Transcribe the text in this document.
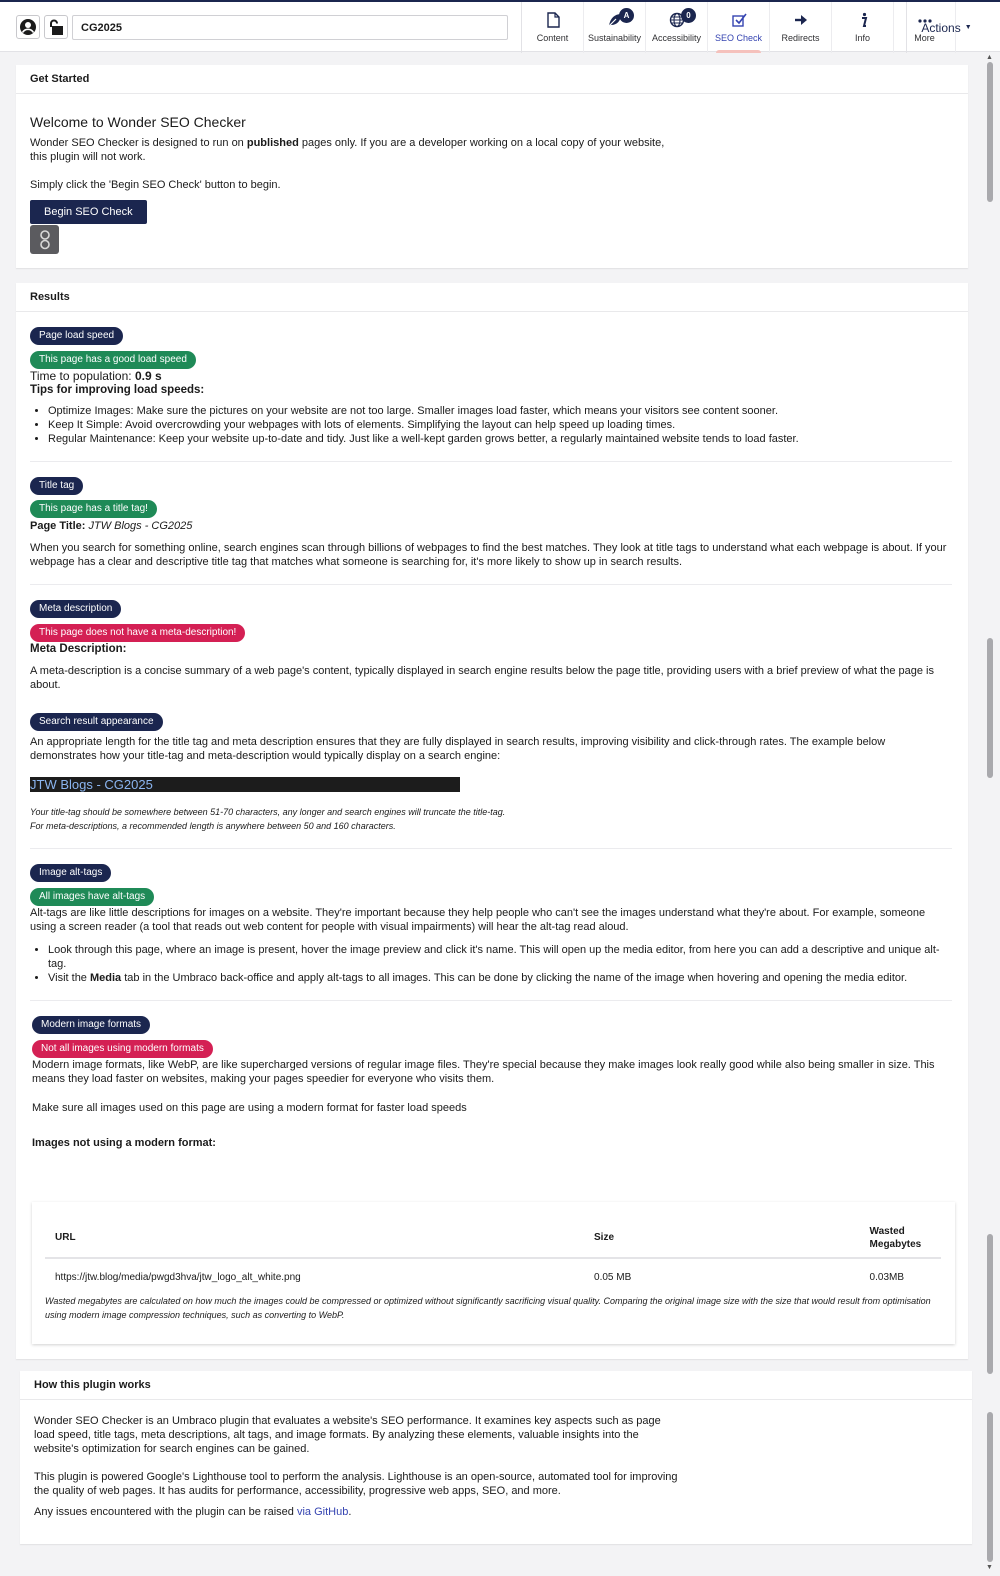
CG2025
Content
A
Sustainability
0
Accessibility SEO Check Redirects	Info	More
Actions ▼
▲
▼
Get Started
Welcome to Wonder SEO Checker

Wonder SEO Checker is designed to run on published pages only. If you are a developer working on a local copy of your website, this plugin will not work.

Simply click the 'Begin SEO Check' button to begin.

Begin SEO Check
Results
Page load speed
This page has a good load speed

Time to population: 0.9 s

Tips for improving load speeds:

• Optimize Images: Make sure the pictures on your website are not too large. Smaller images load faster, which means your visitors see content sooner.
• Keep It Simple: Avoid overcrowding your webpages with lots of elements. Simplifying the layout can help speed up loading times.
• Regular Maintenance: Keep your website up-to-date and tidy. Just like a well-kept garden grows better, a regularly maintained website tends to load faster.
Title tag
This page has a title tag!

Page Title: JTW Blogs - CG2025

When you search for something online, search engines scan through billions of webpages to find the best matches. They look at title tags to understand what each webpage is about. If your webpage has a clear and descriptive title tag that matches what someone is searching for, it's more likely to show up in search results.

Meta description
This page does not have a meta-description!

Meta Description:

A meta-description is a concise summary of a web page's content, typically displayed in search engine results below the page title, providing users with a brief preview of what the page is about.

Search result appearance

An appropriate length for the title tag and meta description ensures that they are fully displayed in search results, improving visibility and click-through rates. The example below demonstrates how your title-tag and meta-description would typically display on a search engine:

JTW Blogs - CG2025

Your title-tag should be somewhere between 51-70 characters, any longer and search engines will truncate the title-tag.

For meta-descriptions, a recommended length is anywhere between 50 and 160 characters.

Image alt-tags
All images have alt-tags

Alt-tags are like little descriptions for images on a website. They're important because they help people who can't see the images understand what they're about. For example, someone using a screen reader (a tool that reads out web content for people with visual impairments) will hear the alt-tag read aloud.

• Look through this page, where an image is present, hover the image preview and click it's name. This will open up the media editor, from here you can add a descriptive and unique alt-tag.
• Visit the Media tab in the Umbraco back-office and apply alt-tags to all images. This can be done by clicking the name of the image when hovering and opening the media editor.
Modern image formats
Not all images using modern formats

Modern image formats, like WebP, are like supercharged versions of regular image files. They're special because they make images look really good while also being smaller in size. This means they load faster on websites, making your pages speedier for everyone who visits them.

Make sure all images used on this page are using a modern format for faster load speeds

Images not using a modern format:

URL	Size	Wasted Megabytes
https://jtw.blog/media/pwgd3hva/jtw_logo_alt_white.png	0.05 MB	0.03MB

Wasted megabytes are calculated on how much the images could be compressed or optimized without significantly sacrificing visual quality. Comparing the original image size with the size that would result from optimisation using modern image compression techniques, such as converting to WebP.

How this plugin works

Wonder SEO Checker is an Umbraco plugin that evaluates a website's SEO performance. It examines key aspects such as page load speed, title tags, meta descriptions, alt tags, and image formats. By analyzing these elements, valuable insights into the website's optimization for search engines can be gained.

This plugin is powered Google's Lighthouse tool to perform the analysis. Lighthouse is an open-source, automated tool for improving the quality of web pages. It has audits for performance, accessibility, progressive web apps, SEO, and more.

Any issues encountered with the plugin can be raised via GitHub.
